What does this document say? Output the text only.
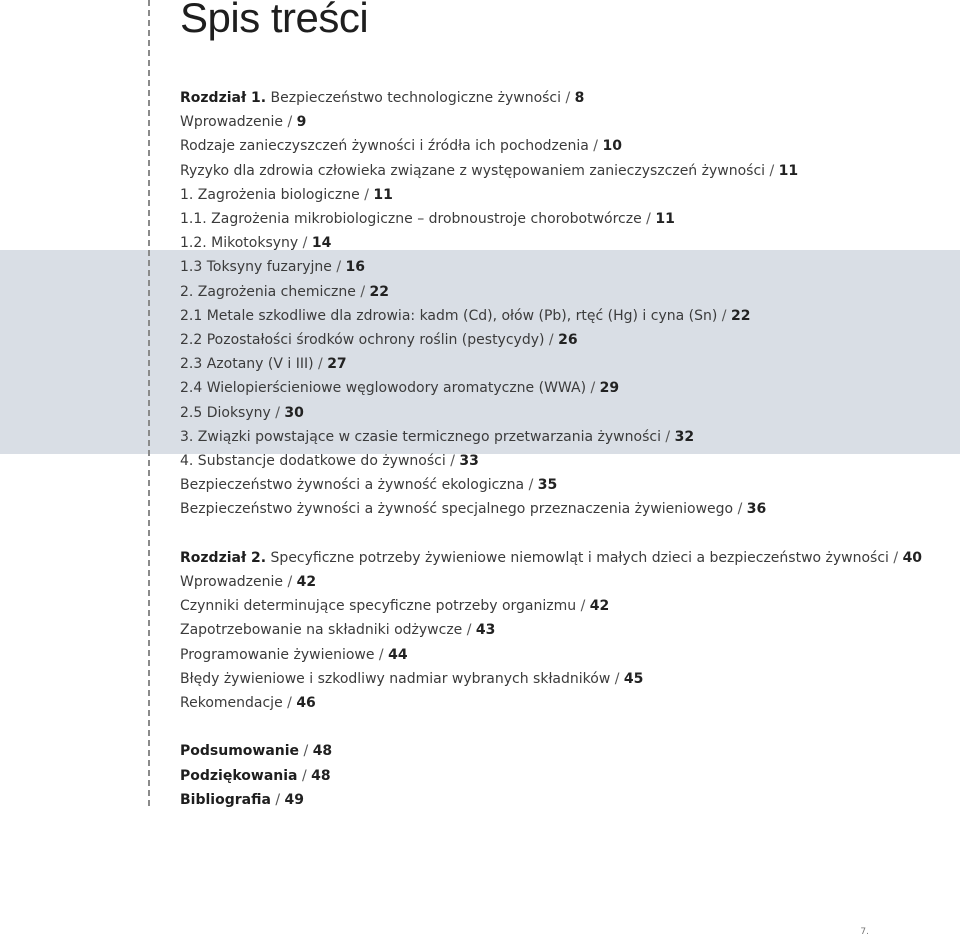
Spis treści
Rozdział 1. Bezpieczeństwo technologiczne żywności / 8
Wprowadzenie / 9
Rodzaje zanieczyszczeń żywności i źródła ich pochodzenia / 10
Ryzyko dla zdrowia człowieka związane z występowaniem zanieczyszczeń żywności / 11
1. Zagrożenia biologiczne / 11
1.1. Zagrożenia mikrobiologiczne – drobnoustroje chorobotwórcze / 11
1.2. Mikotoksyny / 14
1.3 Toksyny fuzaryjne / 16
2. Zagrożenia chemiczne / 22
2.1 Metale szkodliwe dla zdrowia: kadm (Cd), ołów (Pb), rtęć (Hg) i cyna (Sn) / 22
2.2 Pozostałości środków ochrony roślin (pestycydy) / 26
2.3 Azotany (V i III) / 27
2.4 Wielopierścieniowe węglowodory aromatyczne (WWA) / 29
2.5 Dioksyny / 30
3. Związki powstające w czasie termicznego przetwarzania żywności / 32
4. Substancje dodatkowe do żywności / 33
Bezpieczeństwo żywności a żywność ekologiczna / 35
Bezpieczeństwo żywności a żywność specjalnego przeznaczenia żywieniowego / 36
Rozdział 2. Specyficzne potrzeby żywieniowe niemowląt i małych dzieci a bezpieczeństwo żywności / 40
Wprowadzenie / 42
Czynniki determinujące specyficzne potrzeby organizmu / 42
Zapotrzebowanie na składniki odżywcze / 43
Programowanie żywieniowe / 44
Błędy żywieniowe i szkodliwy nadmiar wybranych składników / 45
Rekomendacje / 46
Podsumowanie / 48
Podziękowania / 48
Bibliografia / 49
7.
